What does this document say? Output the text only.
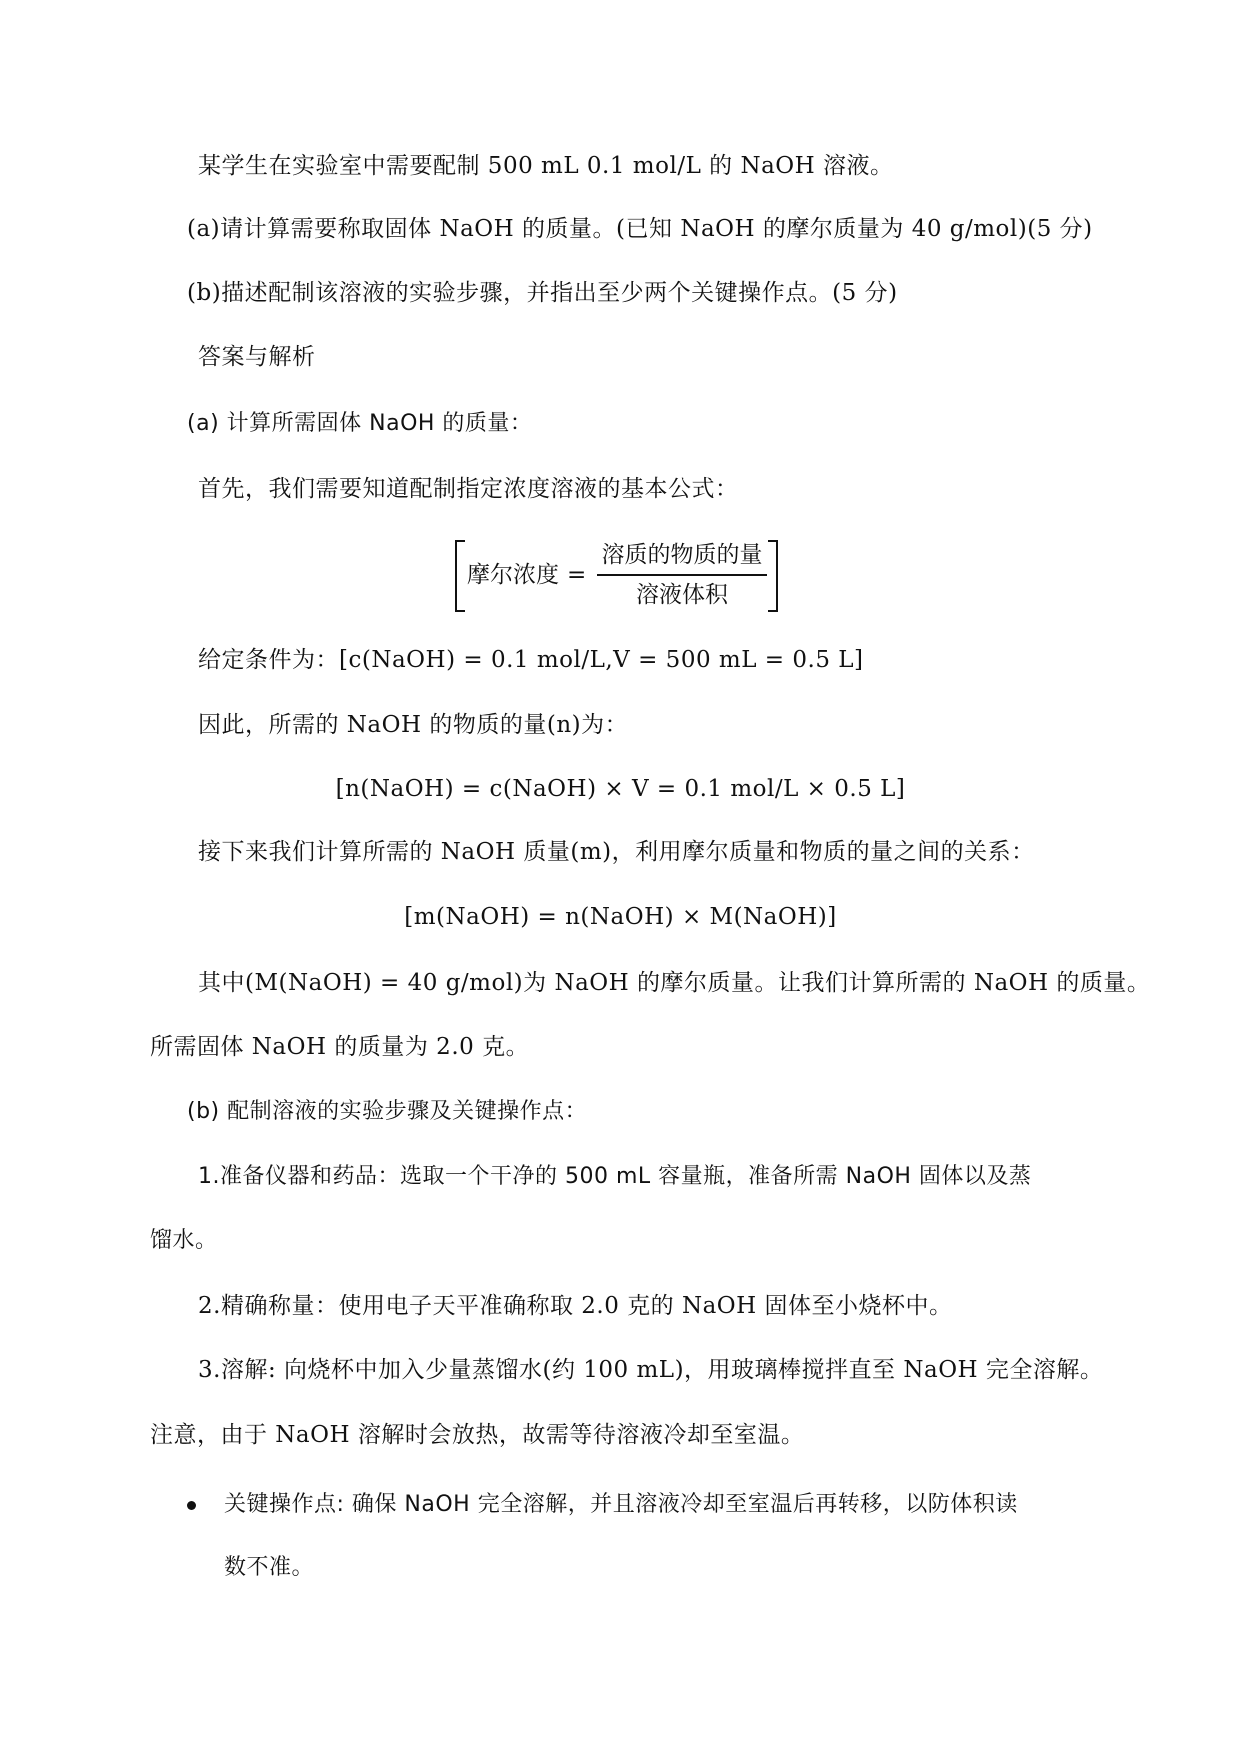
某学生在实验室中需要配制 500 mL 0.1 mol/L 的 NaOH 溶液。
(a)请计算需要称取固体 NaOH 的质量。(已知 NaOH 的摩尔质量为 40 g/mol)(5 分)
(b)描述配制该溶液的实验步骤，并指出至少两个关键操作点。(5 分)
答案与解析
(a) 计算所需固体 NaOH 的质量：
首先，我们需要知道配制指定浓度溶液的基本公式：
摩尔浓度 =
溶质的物质的量
溶液体积
给定条件为：[c(NaOH) = 0.1 mol/L,V = 500 mL = 0.5 L]
因此，所需的 NaOH 的物质的量(n)为：
[n(NaOH) = c(NaOH) × V = 0.1 mol/L × 0.5 L]
接下来我们计算所需的 NaOH 质量(m)，利用摩尔质量和物质的量之间的关系：
[m(NaOH) = n(NaOH) × M(NaOH)]
其中(M(NaOH) = 40 g/mol)为 NaOH 的摩尔质量。让我们计算所需的 NaOH 的质量。
所需固体 NaOH 的质量为 2.0 克。
(b) 配制溶液的实验步骤及关键操作点：
1.准备仪器和药品：选取一个干净的 500 mL 容量瓶，准备所需 NaOH 固体以及蒸
馏水。
2.精确称量：使用电子天平准确称取 2.0 克的 NaOH 固体至小烧杯中。
3.溶解: 向烧杯中加入少量蒸馏水(约 100 mL)，用玻璃棒搅拌直至 NaOH 完全溶解。
注意，由于 NaOH 溶解时会放热，故需等待溶液冷却至室温。
关键操作点: 确保 NaOH 完全溶解，并且溶液冷却至室温后再转移，以防体积读
数不准。
